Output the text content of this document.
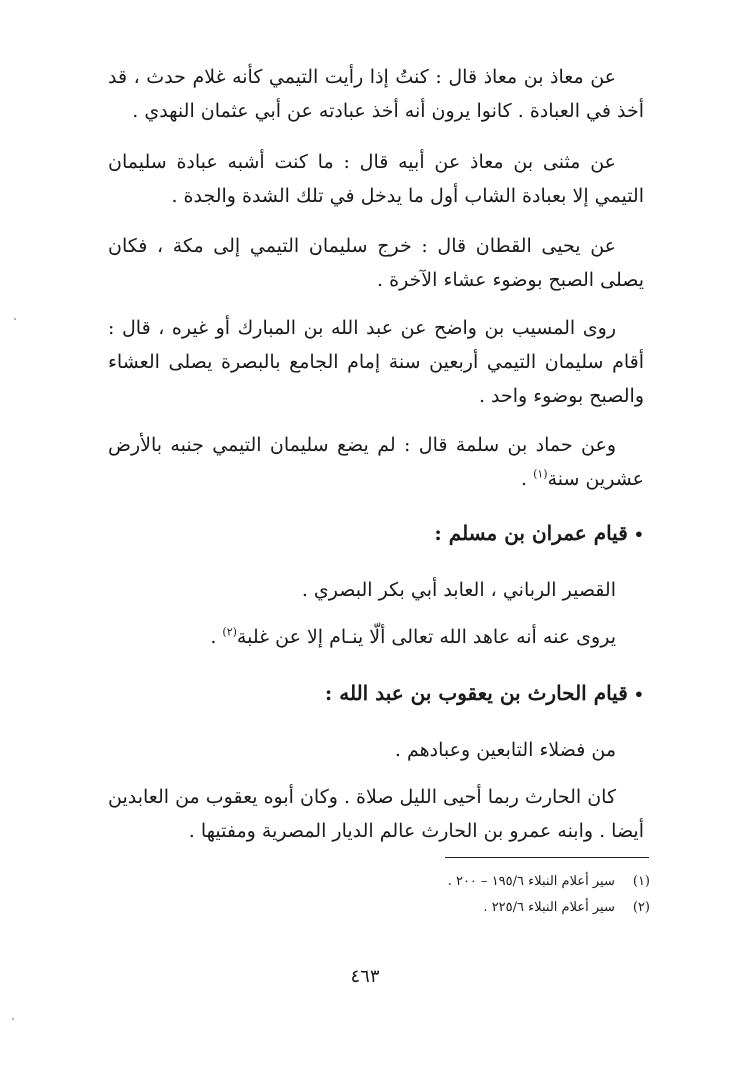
عن معاذ بن معاذ قال : كنتُ إذا رأيت التيمي كأنه غلام حدث ، قد أخذ في العبادة . كانوا يرون أنه أخذ عبادته عن أبي عثمان النهدي .
عن مثنى بن معاذ عن أبيه قال : ما كنت أشبه عبادة سليمان التيمي إلا بعبادة الشاب أول ما يدخل في تلك الشدة والجدة .
عن يحيى القطان قال : خرج سليمان التيمي إلى مكة ، فكان يصلى الصبح بوضوء عشاء الآخرة .
روى المسيب بن واضح عن عبد الله بن المبارك أو غيره ، قال : أقام سليمان التيمي أربعين سنة إمام الجامع بالبصرة يصلى العشاء والصبح بوضوء واحد .
وعن حماد بن سلمة قال : لم يضع سليمان التيمي جنبه بالأرض عشرين سنة$^{(١)}$ .
•قيام عمران بن مسلم :
القصير الرباني ، العابد أبي بكر البصري .
يروى عنه أنه عاهد الله تعالى ألّا ينـام إلا عن غلبة$^{(٢)}$ .
•قيام الحارث بن يعقوب بن عبد الله :
من فضلاء التابعين وعبادهم .
كان الحارث ربما أحيى الليل صلاة . وكان أبوه يعقوب من العابدين أيضا . وابنه عمرو بن الحارث عالم الديار المصرية ومفتيها .
(١)سير أعلام النبلاء ١٩٥/٦ – ٢٠٠ .
(٢)سير أعلام النبلاء ٢٢٥/٦ .
٤٦٣
